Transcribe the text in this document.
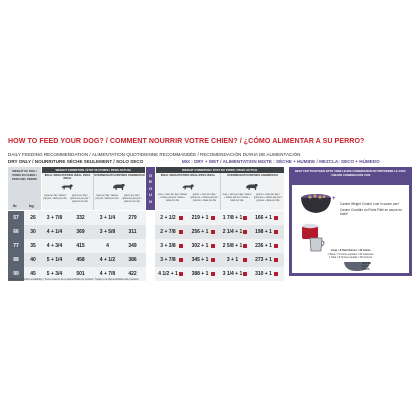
HOW TO FEED YOUR DOG? / COMMENT NOURRIR VOTRE CHIEN? / ¿CÓMO ALIMENTAR A SU PERRO?
DAILY FEEDING RECOMMENDATION / ALIMENTATION QUOTIDIENNE RECOMMANDÉE / RECOMENDACIÓN DIARIA DE ALIMENTACIÓN
DRY ONLY / NOURRITURE SÈCHE SEULEMENT / SOLO SECO	MIX : DRY + WET / ALIMENTATION MIXTE : SÈCHE + HUMIDE / MEZCLA: SECO + HÚMEDO
WEIGHT OF DOG / POIDS DU CHIEN / PESO DEL PERRO
lb	kg
WEIGHT CONDITION / ÉTAT DU POIDS / PESO ACTUAL
IDEAL WEIGHT/POIDS IDÉAL PESO IDEAL
OVERWEIGHT/SURPOIDS SOBREPESO
cups per day / tasses par jour / tazas por día
grams per day / grammes par jour / gramos por día
cups per day / tasses par jour / tazas por día
grams per day / grammes par jour / gramos por día
O
R
O
U
O
WEIGHT CONDITION / ÉTAT DU POIDS / PESO ACTUAL
IDEAL WEIGHT/POIDS IDÉAL/PESO IDEAL	OVERWEIGHT/SURPOIDS SOBREPESO
cups + cans per day / tasses + boîtes par jour / tazas + latas por día
grams + cans per day / grammes + boîtes par jour / gramos + latas por día
cups + cans per day / tasses + boîtes par jour / tazas + latas por día
grams + cans per day / grammes + boîtes par jour / gramos + latas por día
57	26	3 + 7/8	332	3 + 1/4	279	2 + 1/2	219 + 1	1 7/8 + 1	166 + 1
66	30	4 + 1/4	369	3 + 5/8	311	2 + 7/8	256 + 1	2 1/4 + 1	198 + 1
77	35	4 + 3/4	415	4	349	3 + 3/8	302 + 1	2 5/8 + 1	236 + 1
88	40	5 + 1/4	458	4 + 1/2	386	3 + 7/8	345 + 1	3 + 1	273 + 1
99	45	5 + 3/4	501	4 + 7/8	422	4 1/2 + 1	388 + 1	3 1/4 + 1	310 + 1
BEST FED TOGETHER WITH / MEILLEURE COMBINAISON NUTRITIONNELLE AVEC / MEJOR COMBINACIÓN CON
+
Canine Weight Control Loaf in sauce can*
Canine Contrôle du Poids Pâté en sauce en boîte*
1 Cup = 8 Fluid Ounces = 82 Grams
1 Tasse = 8 Onces Liquides = 82 Grammes
1 Taza = 8 Onzas Líquidas = 82 Gramos
WATER
EAU
AGUA
*Subject to product availability / Sous réserve de la disponibilité du produit / Sujeto a la disponibilidad del producto
